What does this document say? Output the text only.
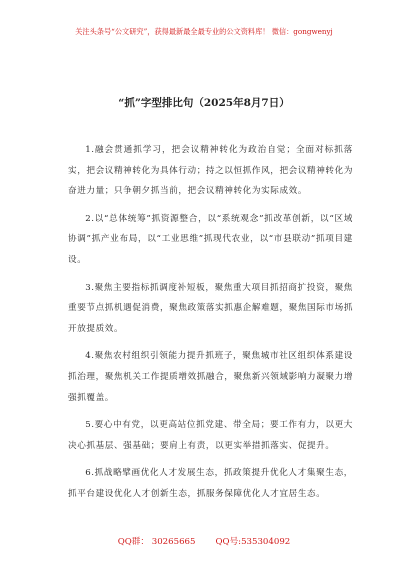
关注头条号“公文研究”，获得最新最全最专业的公文资料库！ 微信：gongwenyj
“抓”字型排比句（2025年8月7日）

1.融会贯通抓学习，把会议精神转化为政治自觉；全面对标抓落实，把会议精神转化为具体行动；持之以恒抓作风，把会议精神转化为奋进力量；只争朝夕抓当前，把会议精神转化为实际成效。

2.以“总体统筹”抓资源整合，以“系统观念”抓改革创新，以“区域协调”抓产业布局，以“工业思维”抓现代农业，以“市县联动”抓项目建设。

3.聚焦主要指标抓调度补短板，聚焦重大项目抓招商扩投资，聚焦重要节点抓机遇促消费，聚焦政策落实抓惠企解难题，聚焦国际市场抓开放提质效。

4.聚焦农村组织引领能力提升抓班子，聚焦城市社区组织体系建设抓治理，聚焦机关工作提质增效抓融合，聚焦新兴领域影响力凝聚力增强抓覆盖。

5.要心中有党，以更高站位抓党建、带全局；要工作有力，以更大决心抓基层、强基础；要肩上有责，以更实举措抓落实、促提升。

6.抓战略擘画优化人才发展生态，抓政策提升优化人才集聚生态，抓平台建设优化人才创新生态，抓服务保障优化人才宜居生态。

QQ群： 30265665 QQ号:535304092
